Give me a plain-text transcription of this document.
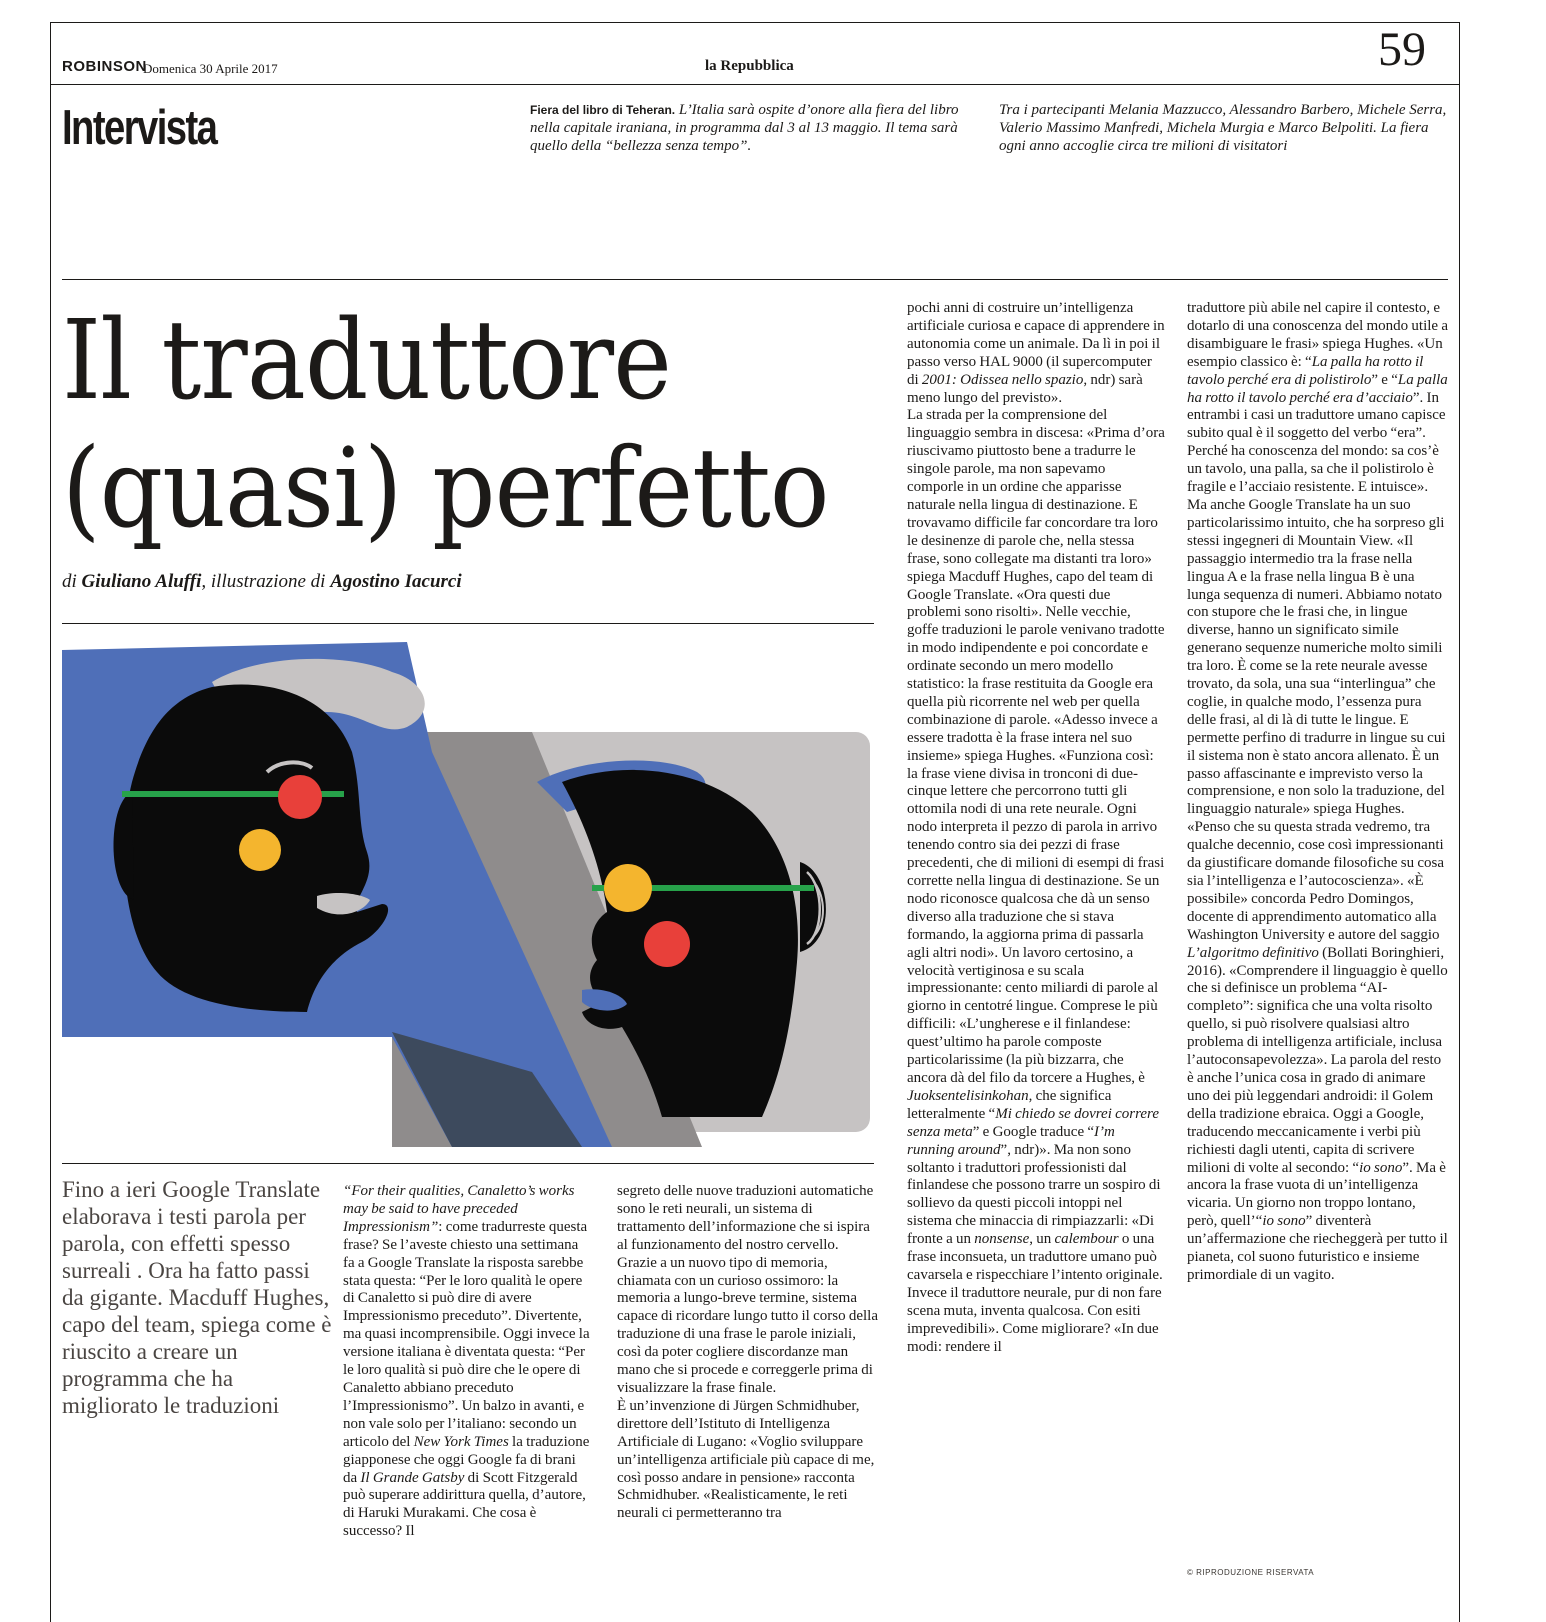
ROBINSON
Domenica 30 Aprile 2017	la Repubblica	59
Intervista	Fiera del libro di Teheran. L’Italia sarà ospite d’onore alla fiera del libro nella capitale iraniana, in programma dal 3 al 13 maggio. Il tema sarà quello della “bellezza senza tempo”.
Tra i partecipanti Melania Mazzucco, Alessandro Barbero, Michele Serra, Valerio Massimo Manfredi, Michela Murgia e Marco Belpoliti. La fiera ogni anno accoglie circa tre milioni di visitatori
Il traduttore
(quasi) perfetto
di Giuliano Aluffi, illustrazione di Agostino Iacurci
Fino a ieri Google Translate elaborava i testi parola per parola, con effetti spesso surreali . Ora ha fatto passi da gigante. Macduff Hughes, capo del team, spiega come è riuscito a creare un programma che ha migliorato le traduzioni

“For their qualities, Canaletto’s works may be said to have preceded Impressionism”: come tradurreste questa frase? Se l’aveste chiesto una settimana fa a Google Translate la risposta sarebbe stata questa: “Per le loro qualità le opere di Canaletto si può dire di avere Impressionismo preceduto”. Divertente, ma quasi incomprensibile. Oggi invece la versione italiana è diventata questa: “Per le loro qualità si può dire che le opere di Canaletto abbiano preceduto l’Impressionismo”. Un balzo in avanti, e non vale solo per l’italiano: secondo un articolo del New York Times la traduzione giapponese che oggi Google fa di brani da Il Grande Gatsby di Scott Fitzgerald può superare addirittura quella, d’autore, di Haruki Murakami. Che cosa è successo? Il

segreto delle nuove traduzioni automatiche sono le reti neurali, un sistema di trattamento dell’informazione che si ispira al funzionamento del nostro cervello. Grazie a un nuovo tipo di memoria, chiamata con un curioso ossimoro: la memoria a lungo-breve termine, sistema capace di ricordare lungo tutto il corso della traduzione di una frase le parole iniziali, così da poter cogliere discordanze man mano che si procede e correggerle prima di visualizzare la frase finale.

È un’invenzione di Jürgen Schmidhuber, direttore dell’Istituto di Intelligenza Artificiale di Lugano: «Voglio sviluppare un’intelligenza artificiale più capace di me, così posso andare in pensione» racconta Schmidhuber. «Realisticamente, le reti neurali ci permetteranno tra

pochi anni di costruire un’intelligenza artificiale curiosa e capace di apprendere in autonomia come un animale. Da lì in poi il passo verso HAL 9000 (il supercomputer di 2001: Odissea nello spazio, ndr) sarà meno lungo del previsto».

La strada per la comprensione del linguaggio sembra in discesa: «Prima d’ora riuscivamo piuttosto bene a tradurre le singole parole, ma non sapevamo comporle in un ordine che apparisse naturale nella lingua di destinazione. E trovavamo difficile far concordare tra loro le desinenze di parole che, nella stessa frase, sono collegate ma distanti tra loro» spiega Macduff Hughes, capo del team di Google Translate. «Ora questi due problemi sono risolti». Nelle vecchie, goffe traduzioni le parole venivano tradotte in modo indipendente e poi concordate e ordinate secondo un mero modello statistico: la frase restituita da Google era quella più ricorrente nel web per quella combinazione di parole. «Adesso invece a essere tradotta è la frase intera nel suo insieme» spiega Hughes. «Funziona così: la frase viene divisa in tronconi di due-cinque lettere che percorrono tutti gli ottomila nodi di una rete neurale. Ogni nodo interpreta il pezzo di parola in arrivo tenendo contro sia dei pezzi di frase precedenti, che di milioni di esempi di frasi corrette nella lingua di destinazione. Se un nodo riconosce qualcosa che dà un senso diverso alla traduzione che si stava formando, la aggiorna prima di passarla agli altri nodi». Un lavoro certosino, a velocità vertiginosa e su scala impressionante: cento miliardi di parole al giorno in centotré lingue. Comprese le più difficili: «L’ungherese e il finlandese: quest’ultimo ha parole composte particolarissime (la più bizzarra, che ancora dà del filo da torcere a Hughes, è Juoksentelisinkohan, che significa letteralmente “Mi chiedo se dovrei correre senza meta” e Google traduce “I’m running around”, ndr)». Ma non sono soltanto i traduttori professionisti dal finlandese che possono trarre un sospiro di sollievo da questi piccoli intoppi nel sistema che minaccia di rimpiazzarli: «Di fronte a un nonsense, un calembour o una frase inconsueta, un traduttore umano può cavarsela e rispecchiare l’intento originale. Invece il traduttore neurale, pur di non fare scena muta, inventa qualcosa. Con esiti imprevedibili». Come migliorare? «In due modi: rendere il

traduttore più abile nel capire il contesto, e dotarlo di una conoscenza del mondo utile a disambiguare le frasi» spiega Hughes. «Un esempio classico è: “La palla ha rotto il tavolo perché era di polistirolo” e “La palla ha rotto il tavolo perché era d’acciaio”. In entrambi i casi un traduttore umano capisce subito qual è il soggetto del verbo “era”. Perché ha conoscenza del mondo: sa cos’è un tavolo, una palla, sa che il polistirolo è fragile e l’acciaio resistente. E intuisce». Ma anche Google Translate ha un suo particolarissimo intuito, che ha sorpreso gli stessi ingegneri di Mountain View. «Il passaggio intermedio tra la frase nella lingua A e la frase nella lingua B è una lunga sequenza di numeri. Abbiamo notato con stupore che le frasi che, in lingue diverse, hanno un significato simile generano sequenze numeriche molto simili tra loro. È come se la rete neurale avesse trovato, da sola, una sua “interlingua” che coglie, in qualche modo, l’essenza pura delle frasi, al di là di tutte le lingue. E permette perfino di tradurre in lingue su cui il sistema non è stato ancora allenato. È un passo affascinante e imprevisto verso la comprensione, e non solo la traduzione, del linguaggio naturale» spiega Hughes. «Penso che su questa strada vedremo, tra qualche decennio, cose così impressionanti da giustificare domande filosofiche su cosa sia l’intelligenza e l’autocoscienza». «È possibile» concorda Pedro Domingos, docente di apprendimento automatico alla Washington University e autore del saggio L’algoritmo definitivo (Bollati Boringhieri, 2016). «Comprendere il linguaggio è quello che si definisce un problema “AI-completo”: significa che una volta risolto quello, si può risolvere qualsiasi altro problema di intelligenza artificiale, inclusa l’autoconsapevolezza». La parola del resto è anche l’unica cosa in grado di animare uno dei più leggendari androidi: il Golem della tradizione ebraica. Oggi a Google, traducendo meccanicamente i verbi più richiesti dagli utenti, capita di scrivere milioni di volte al secondo: “io sono”. Ma è ancora la frase vuota di un’intelligenza vicaria. Un giorno non troppo lontano, però, quell’“io sono” diventerà un’affermazione che riecheggerà per tutto il pianeta, col suono futuristico e insieme primordiale di un vagito.

© RIPRODUZIONE RISERVATA
